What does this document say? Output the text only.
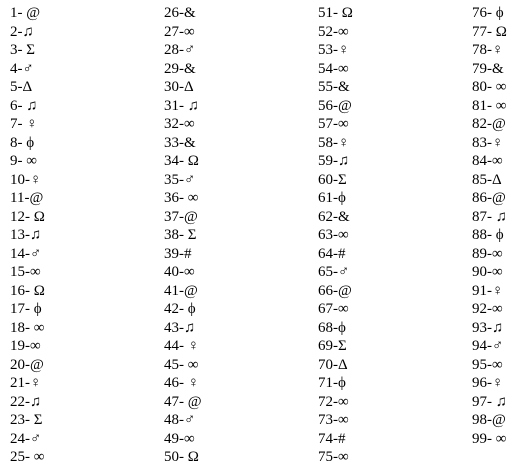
1- @
2-♫
3- Σ
4-♂
5-Δ
6- ♫
7- ♀
8- ϕ
9- ∞
10-♀
11-@
12- Ω
13-♫
14-♂
15-∞
16- Ω
17- ϕ
18- ∞
19-∞
20-@
21-♀
22-♫
23- Σ
24-♂
25- ∞
26-&
27-∞
28-♂
29-&
30-Δ
31- ♫
32-∞
33-&
34- Ω
35-♂
36- ∞
37-@
38- Σ
39-#
40-∞
41-@
42- ϕ
43-♫
44- ♀
45- ∞
46- ♀
47- @
48-♂
49-∞
50- Ω
51- Ω
52-∞
53-♀
54-∞
55-&
56-@
57-∞
58-♀
59-♫
60-Σ
61-ϕ
62-&
63-∞
64-#
65-♂
66-@
67-∞
68-ϕ
69-Σ
70-Δ
71-ϕ
72-∞
73-∞
74-#
75-∞
76- ϕ
77- Ω
78-♀
79-&
80- ∞
81- ∞
82-@
83-♀
84-∞
85-Δ
86-@
87- ♫
88- ϕ
89-∞
90-∞
91-♀
92-∞
93-♫
94-♂
95-∞
96-♀
97- ♫
98-@
99- ∞
